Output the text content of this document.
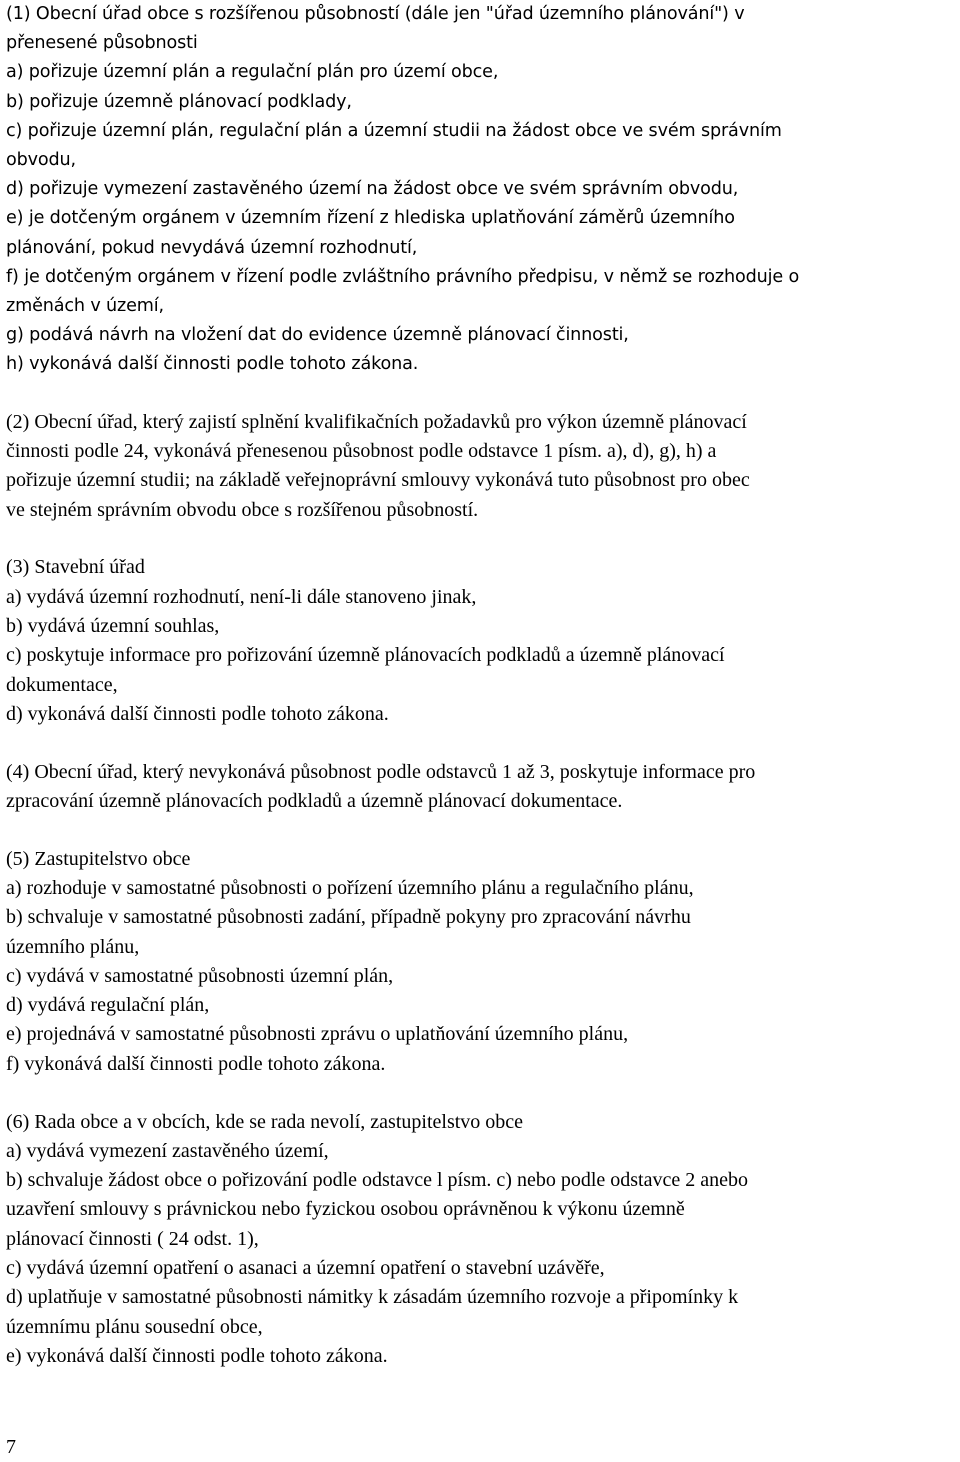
(1) Obecní úřad obce s rozšířenou působností (dále jen "úřad územního plánování") v
přenesené působnosti
a) pořizuje územní plán a regulační plán pro území obce,
b) pořizuje územně plánovací podklady,
c) pořizuje územní plán, regulační plán a územní studii na žádost obce ve svém správním
obvodu,
d) pořizuje vymezení zastavěného území na žádost obce ve svém správním obvodu,
e) je dotčeným orgánem v územním řízení z hlediska uplatňování záměrů územního
plánování, pokud nevydává územní rozhodnutí,
f) je dotčeným orgánem v řízení podle zvláštního právního předpisu, v němž se rozhoduje o
změnách v území,
g) podává návrh na vložení dat do evidence územně plánovací činnosti,
h) vykonává další činnosti podle tohoto zákona.
(2) Obecní úřad, který zajistí splnění kvalifikačních požadavků pro výkon územně plánovací
činnosti podle 24, vykonává přenesenou působnost podle odstavce 1 písm. a), d), g), h) a
pořizuje územní studii; na základě veřejnoprávní smlouvy vykonává tuto působnost pro obec
ve stejném správním obvodu obce s rozšířenou působností.
(3) Stavební úřad
a) vydává územní rozhodnutí, není-li dále stanoveno jinak,
b) vydává územní souhlas,
c) poskytuje informace pro pořizování územně plánovacích podkladů a územně plánovací
dokumentace,
d) vykonává další činnosti podle tohoto zákona.
(4) Obecní úřad, který nevykonává působnost podle odstavců 1 až 3, poskytuje informace pro
zpracování územně plánovacích podkladů a územně plánovací dokumentace.
(5) Zastupitelstvo obce
a) rozhoduje v samostatné působnosti o pořízení územního plánu a regulačního plánu,
b) schvaluje v samostatné působnosti zadání, případně pokyny pro zpracování návrhu
územního plánu,
c) vydává v samostatné působnosti územní plán,
d) vydává regulační plán,
e) projednává v samostatné působnosti zprávu o uplatňování územního plánu,
f) vykonává další činnosti podle tohoto zákona.
(6) Rada obce a v obcích, kde se rada nevolí, zastupitelstvo obce
a) vydává vymezení zastavěného území,
b) schvaluje žádost obce o pořizování podle odstavce l písm. c) nebo podle odstavce 2 anebo
uzavření smlouvy s právnickou nebo fyzickou osobou oprávněnou k výkonu územně
plánovací činnosti ( 24 odst. 1),
c) vydává územní opatření o asanaci a územní opatření o stavební uzávěře,
d) uplatňuje v samostatné působnosti námitky k zásadám územního rozvoje a připomínky k
územnímu plánu sousední obce,
e) vykonává další činnosti podle tohoto zákona.
7
